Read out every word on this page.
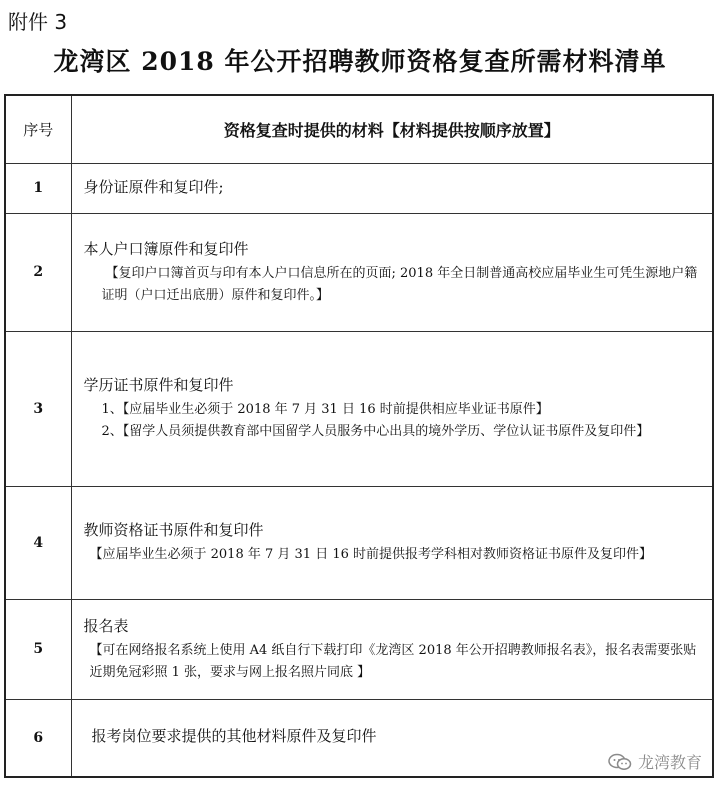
附件 3
龙湾区 2018 年公开招聘教师资格复查所需材料清单
序号	资格复查时提供的材料【材料提供按顺序放置】
1	身份证原件和复印件;

2	本人户口簿原件和复印件
【复印户口簿首页与印有本人户口信息所在的页面; 2018 年全日制普通高校应届毕业生可凭生源地户籍证明（户口迁出底册）原件和复印件。】

3	学历证书原件和复印件
1、【应届毕业生必须于 2018 年 7 月 31 日 16 时前提供相应毕业证书原件】
2、【留学人员须提供教育部中国留学人员服务中心出具的境外学历、学位认证书原件及复印件】

4	教师资格证书原件和复印件
【应届毕业生必须于 2018 年 7 月 31 日 16 时前提供报考学科相对教师资格证书原件及复印件】

5	报名表
【可在网络报名系统上使用 A4 纸自行下载打印《龙湾区 2018 年公开招聘教师报名表》，报名表需要张贴近期免冠彩照 1 张，要求与网上报名照片同底 】

6	报考岗位要求提供的其他材料原件及复印件
龙湾教育
